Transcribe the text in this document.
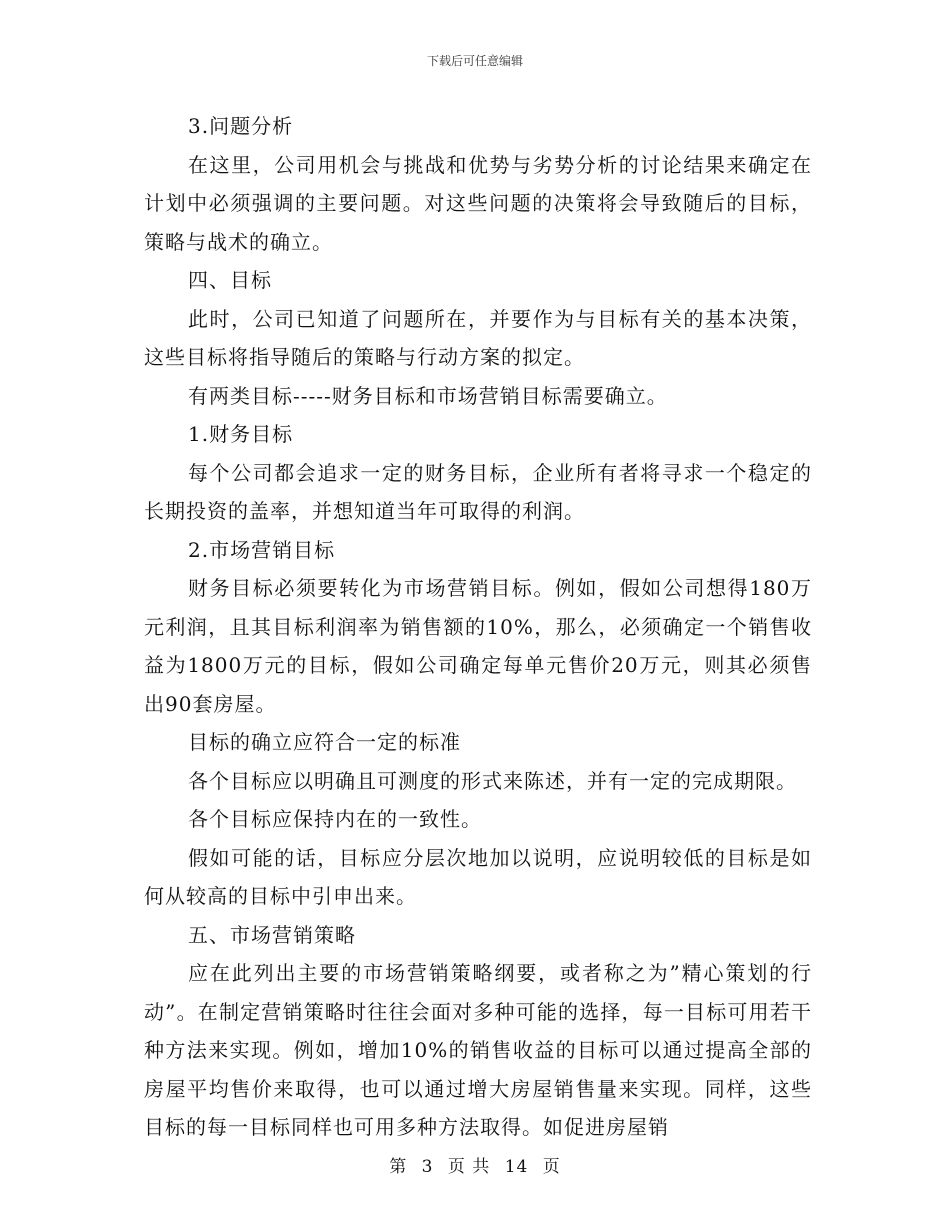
下载后可任意编辑

3.问题分析

在这里，公司用机会与挑战和优势与劣势分析的讨论结果来确定在计划中必须强调的主要问题。对这些问题的决策将会导致随后的目标，策略与战术的确立。

四、目标

此时，公司已知道了问题所在，并要作为与目标有关的基本决策，这些目标将指导随后的策略与行动方案的拟定。

有两类目标-----财务目标和市场营销目标需要确立。

1.财务目标

每个公司都会追求一定的财务目标，企业所有者将寻求一个稳定的长期投资的盖率，并想知道当年可取得的利润。

2.市场营销目标

财务目标必须要转化为市场营销目标。例如，假如公司想得180万元利润，且其目标利润率为销售额的10%，那么，必须确定一个销售收益为1800万元的目标，假如公司确定每单元售价20万元，则其必须售出90套房屋。

目标的确立应符合一定的标准

各个目标应以明确且可测度的形式来陈述，并有一定的完成期限。

各个目标应保持内在的一致性。

假如可能的话，目标应分层次地加以说明，应说明较低的目标是如何从较高的目标中引申出来。

五、市场营销策略

应在此列出主要的市场营销策略纲要，或者称之为”精心策划的行动”。在制定营销策略时往往会面对多种可能的选择，每一目标可用若干种方法来实现。例如，增加10%的销售收益的目标可以通过提高全部的房屋平均售价来取得，也可以通过增大房屋销售量来实现。同样，这些目标的每一目标同样也可用多种方法取得。如促进房屋销

第 3 页 共 14 页
